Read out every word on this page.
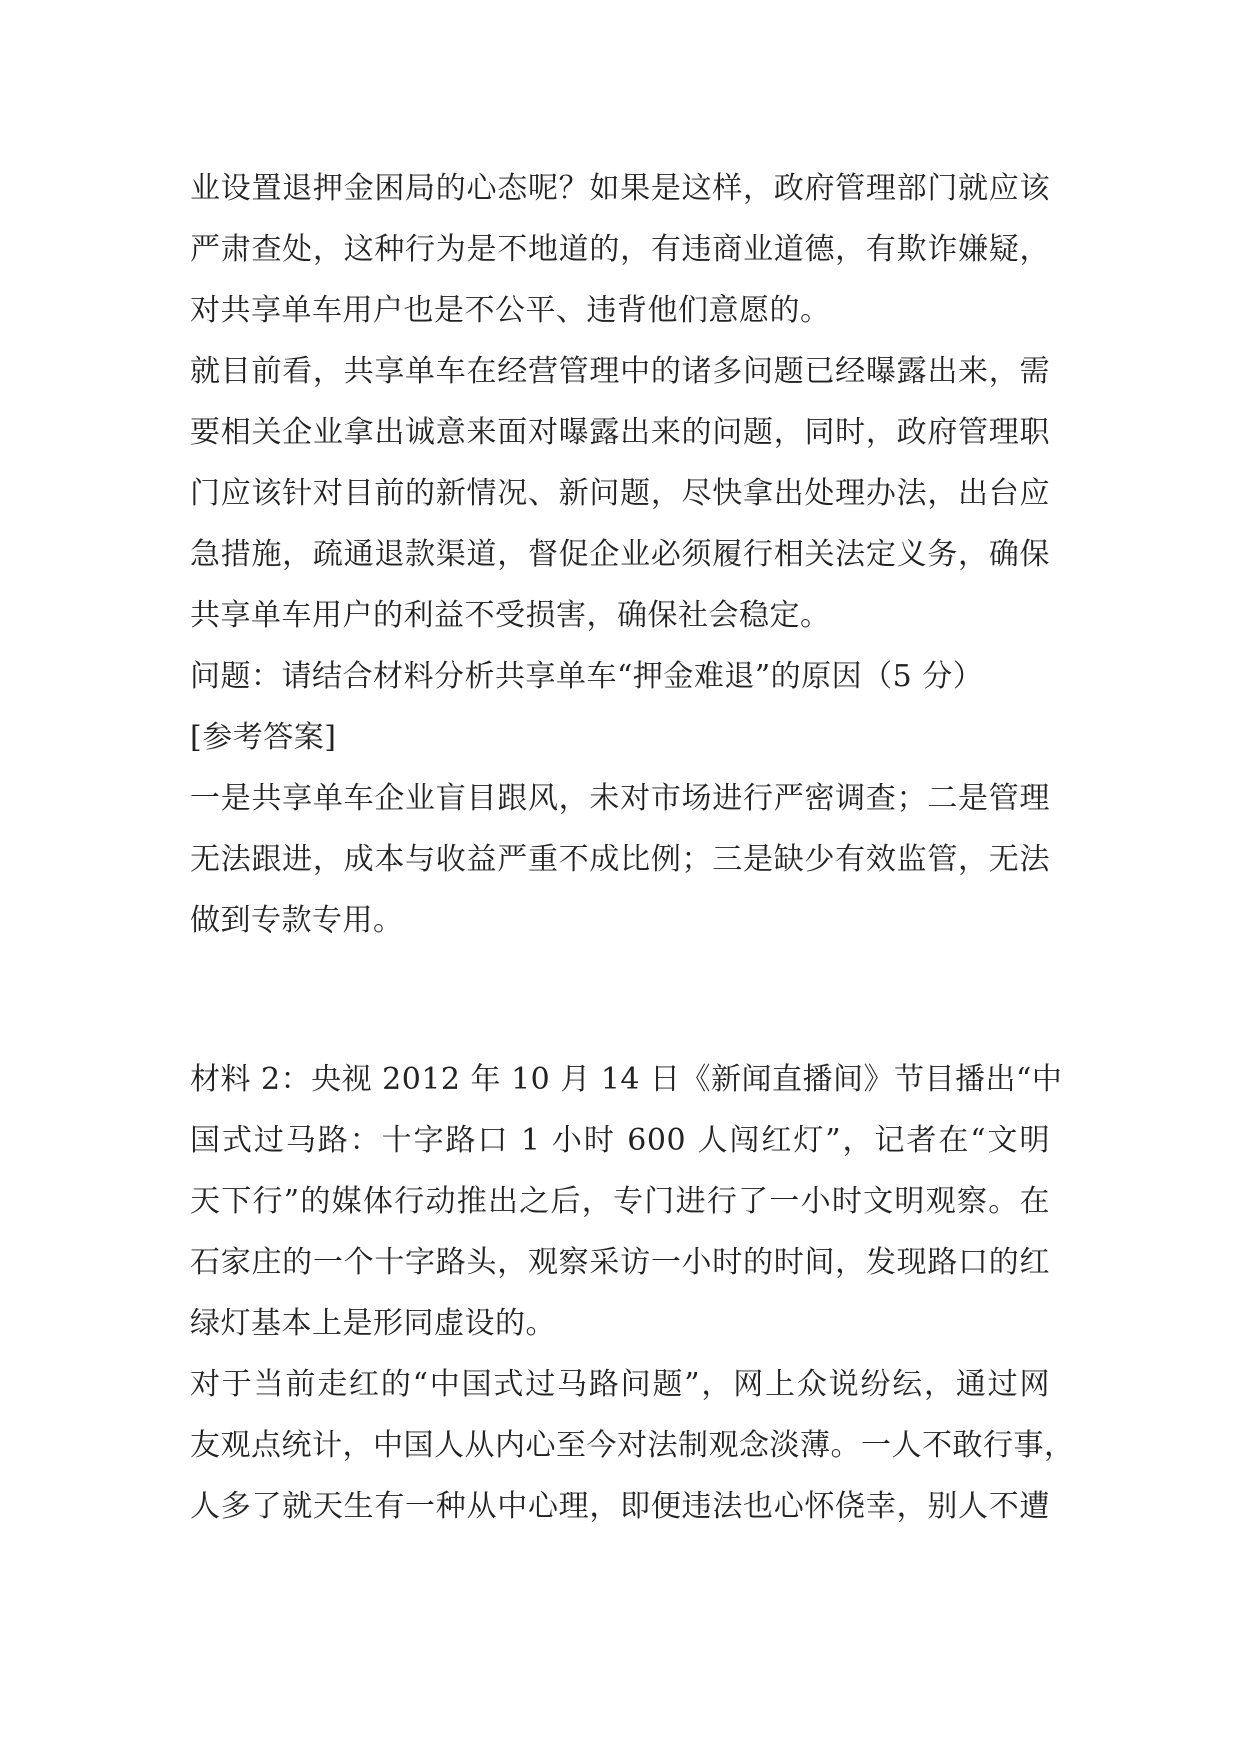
业设置退押金困局的心态呢？如果是这样，政府管理部门就应该
严肃查处，这种行为是不地道的，有违商业道德，有欺诈嫌疑，
对共享单车用户也是不公平、违背他们意愿的。
就目前看，共享单车在经营管理中的诸多问题已经曝露出来，需
要相关企业拿出诚意来面对曝露出来的问题，同时，政府管理职
门应该针对目前的新情况、新问题，尽快拿出处理办法，出台应
急措施，疏通退款渠道，督促企业必须履行相关法定义务，确保
共享单车用户的利益不受损害，确保社会稳定。
问题：请结合材料分析共享单车“押金难退”的原因（5 分）
[参考答案]
一是共享单车企业盲目跟风，未对市场进行严密调查；二是管理
无法跟进，成本与收益严重不成比例；三是缺少有效监管，无法
做到专款专用。
材料 2：央视 2012 年 10 月 14 日《新闻直播间》节目播出“中
国式过马路：十字路口 1 小时 600 人闯红灯”，记者在“文明
天下行”的媒体行动推出之后，专门进行了一小时文明观察。在
石家庄的一个十字路头，观察采访一小时的时间，发现路口的红
绿灯基本上是形同虚设的。
对于当前走红的“中国式过马路问题”，网上众说纷纭，通过网
友观点统计，中国人从内心至今对法制观念淡薄。一人不敢行事，
人多了就天生有一种从中心理，即便违法也心怀侥幸，别人不遭
